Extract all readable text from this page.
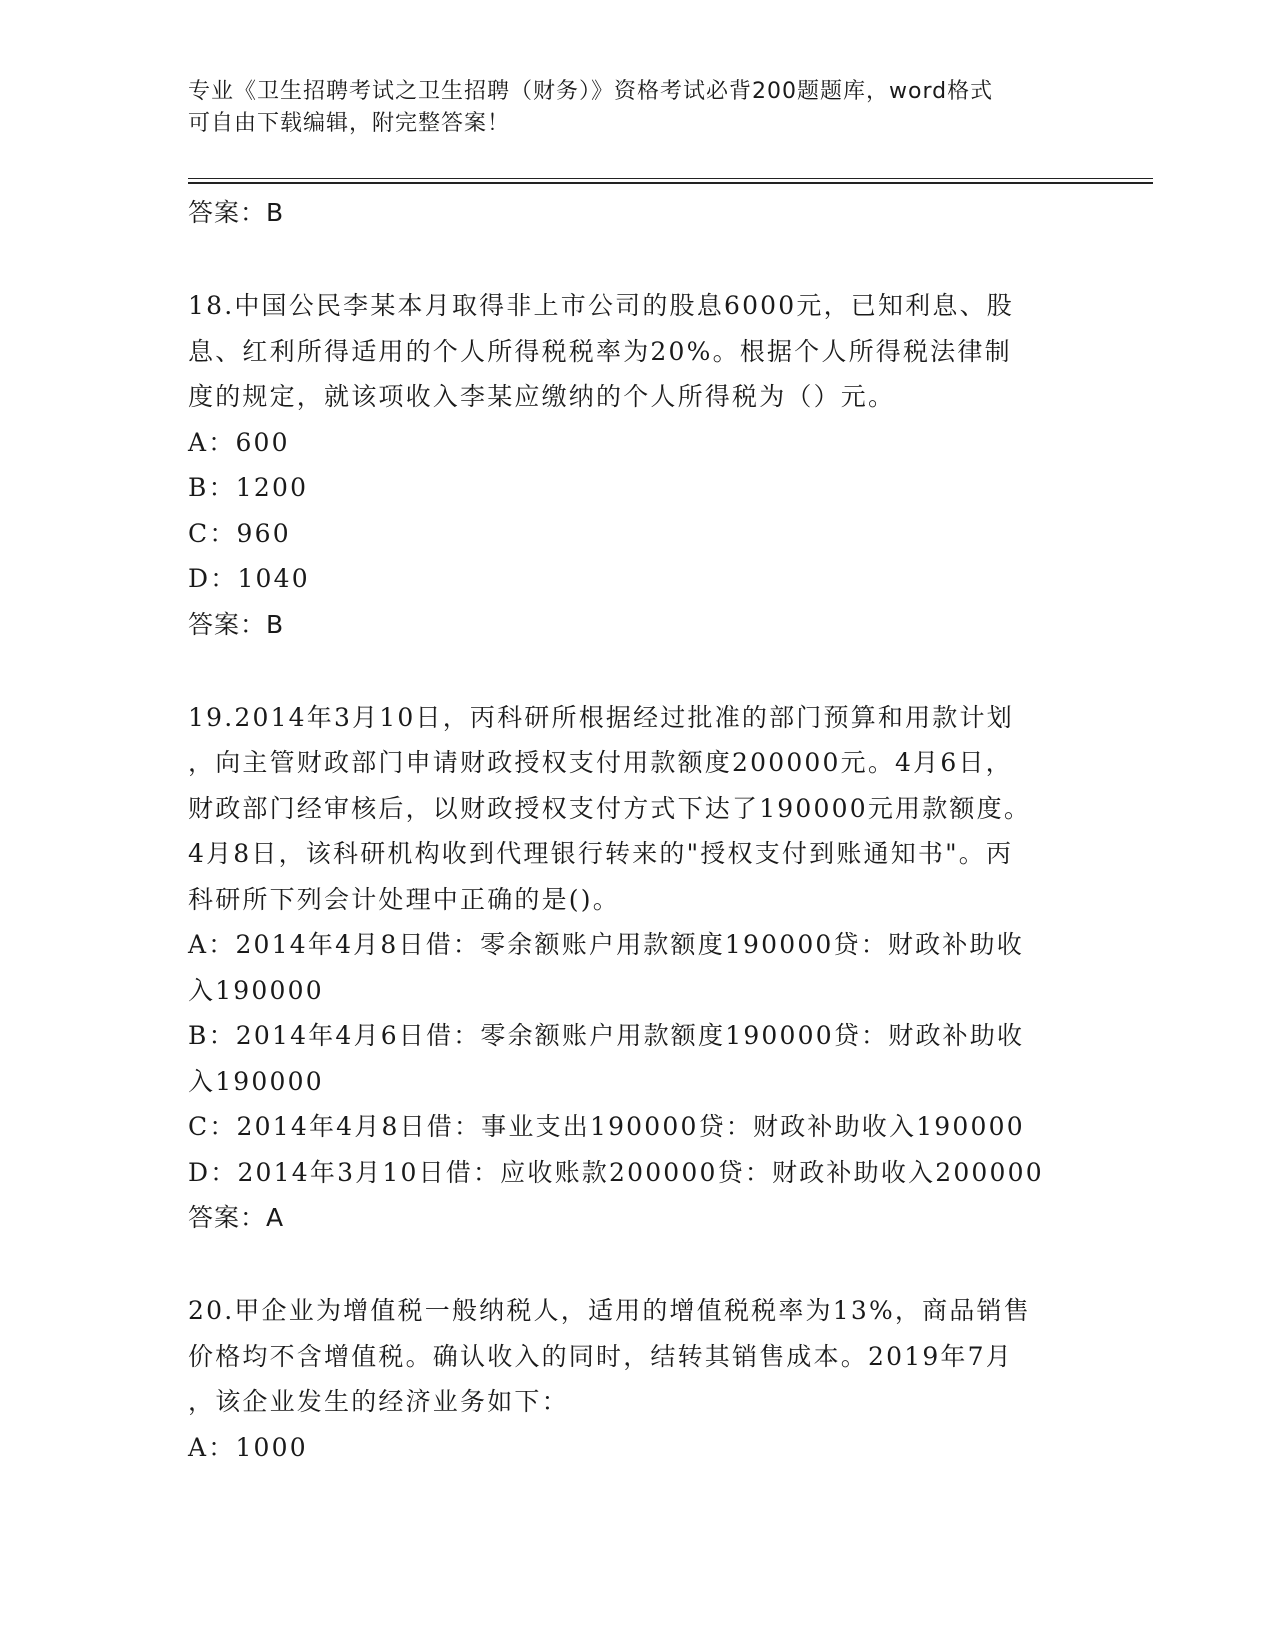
专业《卫生招聘考试之卫生招聘（财务）》资格考试必背200题题库，word格式
可自由下载编辑，附完整答案！
答案：B
18.中国公民李某本月取得非上市公司的股息6000元，已知利息、股
息、红利所得适用的个人所得税税率为20%。根据个人所得税法律制
度的规定，就该项收入李某应缴纳的个人所得税为（）元。
A：600
B：1200
C：960
D：1040
答案：B
19.2014年3月10日，丙科研所根据经过批准的部门预算和用款计划
，向主管财政部门申请财政授权支付用款额度200000元。4月6日，
财政部门经审核后，以财政授权支付方式下达了190000元用款额度。
4月8日，该科研机构收到代理银行转来的"授权支付到账通知书"。丙
科研所下列会计处理中正确的是()。
A：2014年4月8日借：零余额账户用款额度190000贷：财政补助收
入190000
B：2014年4月6日借：零余额账户用款额度190000贷：财政补助收
入190000
C：2014年4月8日借：事业支出190000贷：财政补助收入190000
D：2014年3月10日借：应收账款200000贷：财政补助收入200000
答案：A
20.甲企业为增值税一般纳税人，适用的增值税税率为13%，商品销售
价格均不含增值税。确认收入的同时，结转其销售成本。2019年7月
，该企业发生的经济业务如下：
A：1000
